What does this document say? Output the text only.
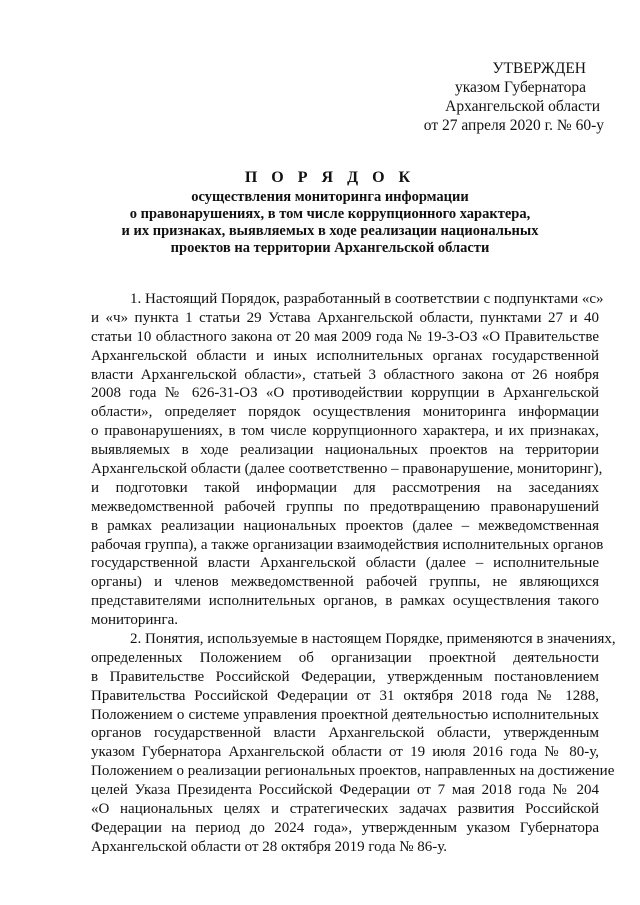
УТВЕРЖДЕН
указом Губернатора
Архангельской области
от 27 апреля 2020 г. № 60-у
П О Р Я Д О К
осуществления мониторинга информации
о правонарушениях, в том числе коррупционного характера,
и их признаках, выявляемых в ходе реализации национальных
проектов на территории Архангельской области
1. Настоящий Порядок, разработанный в соответствии с подпунктами «с»
и «ч» пункта 1 статьи 29 Устава Архангельской области, пунктами 27 и 40
статьи 10 областного закона от 20 мая 2009 года № 19-3-ОЗ «О Правительстве
Архангельской области и иных исполнительных органах государственной
власти Архангельской области», статьей 3 областного закона от 26 ноября
2008 года № 626-31-ОЗ «О противодействии коррупции в Архангельской
области», определяет порядок осуществления мониторинга информации
о правонарушениях, в том числе коррупционного характера, и их признаках,
выявляемых в ходе реализации национальных проектов на территории
Архангельской области (далее соответственно – правонарушение, мониторинг),
и подготовки такой информации для рассмотрения на заседаниях
межведомственной рабочей группы по предотвращению правонарушений
в рамках реализации национальных проектов (далее – межведомственная
рабочая группа), а также организации взаимодействия исполнительных органов
государственной власти Архангельской области (далее – исполнительные
органы) и членов межведомственной рабочей группы, не являющихся
представителями исполнительных органов, в рамках осуществления такого
мониторинга.
2. Понятия, используемые в настоящем Порядке, применяются в значениях,
определенных Положением об организации проектной деятельности
в Правительстве Российской Федерации, утвержденным постановлением
Правительства Российской Федерации от 31 октября 2018 года № 1288,
Положением о системе управления проектной деятельностью исполнительных
органов государственной власти Архангельской области, утвержденным
указом Губернатора Архангельской области от 19 июля 2016 года № 80-у,
Положением о реализации региональных проектов, направленных на достижение
целей Указа Президента Российской Федерации от 7 мая 2018 года № 204
«О национальных целях и стратегических задачах развития Российской
Федерации на период до 2024 года», утвержденным указом Губернатора
Архангельской области от 28 октября 2019 года № 86-у.
